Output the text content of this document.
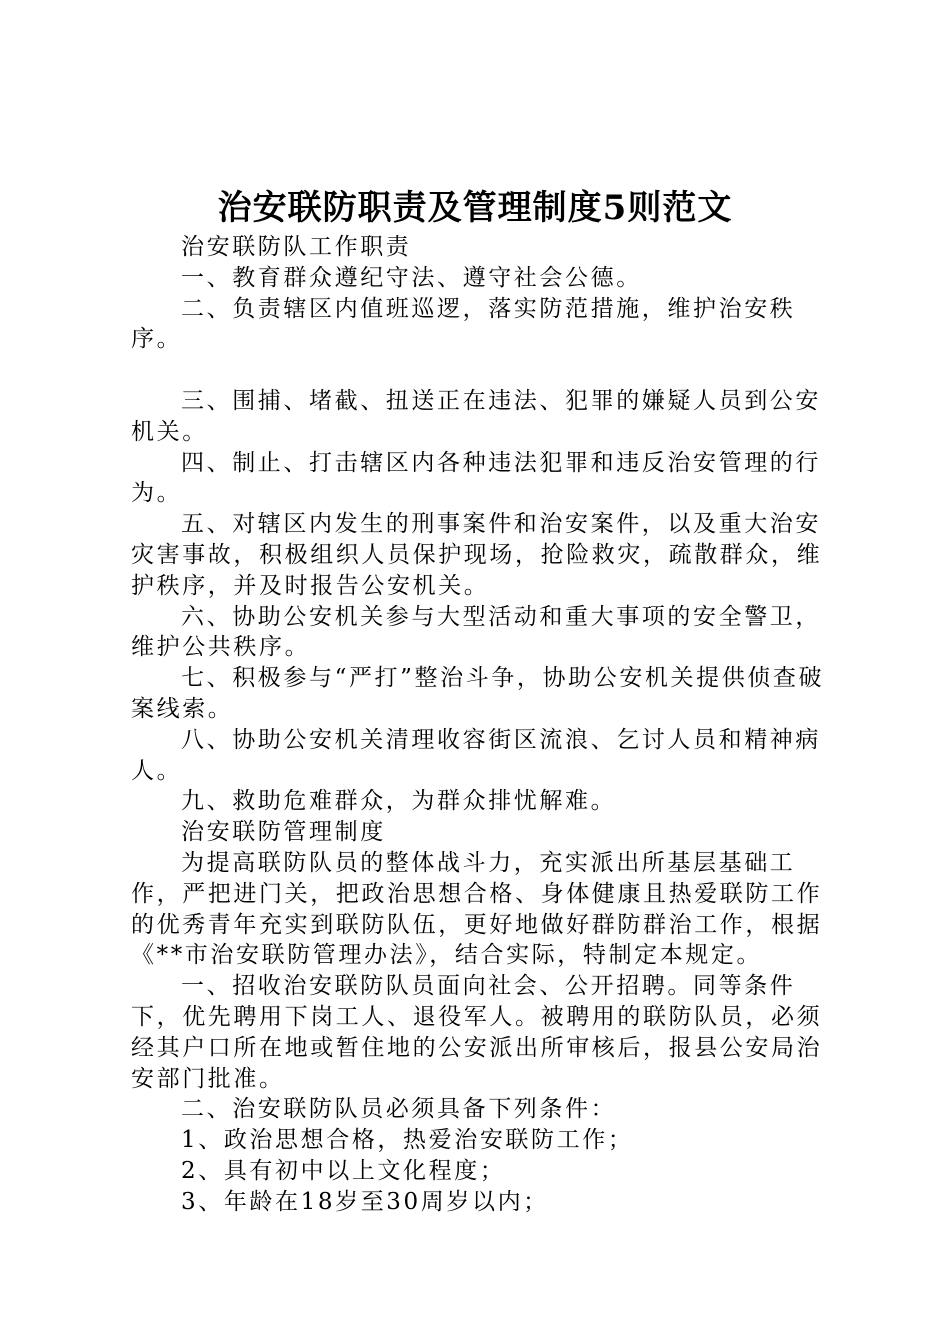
治安联防职责及管理制度5则范文

治安联防队工作职责

一、教育群众遵纪守法、遵守社会公德。

二、负责辖区内值班巡逻，落实防范措施，维护治安秩序。

三、围捕、堵截、扭送正在违法、犯罪的嫌疑人员到公安机关。

四、制止、打击辖区内各种违法犯罪和违反治安管理的行为。

五、对辖区内发生的刑事案件和治安案件，以及重大治安灾害事故，积极组织人员保护现场，抢险救灾，疏散群众，维护秩序，并及时报告公安机关。

六、协助公安机关参与大型活动和重大事项的安全警卫，维护公共秩序。

七、积极参与“严打”整治斗争，协助公安机关提供侦查破案线索。

八、协助公安机关清理收容街区流浪、乞讨人员和精神病人。

九、救助危难群众，为群众排忧解难。

治安联防管理制度

为提高联防队员的整体战斗力，充实派出所基层基础工作，严把进门关，把政治思想合格、身体健康且热爱联防工作的优秀青年充实到联防队伍，更好地做好群防群治工作，根据《**市治安联防管理办法》，结合实际，特制定本规定。

一、招收治安联防队员面向社会、公开招聘。同等条件下，优先聘用下岗工人、退役军人。被聘用的联防队员，必须经其户口所在地或暂住地的公安派出所审核后，报县公安局治安部门批准。

二、治安联防队员必须具备下列条件：

1、政治思想合格，热爱治安联防工作；

2、具有初中以上文化程度；

3、年龄在18岁至30周岁以内；
